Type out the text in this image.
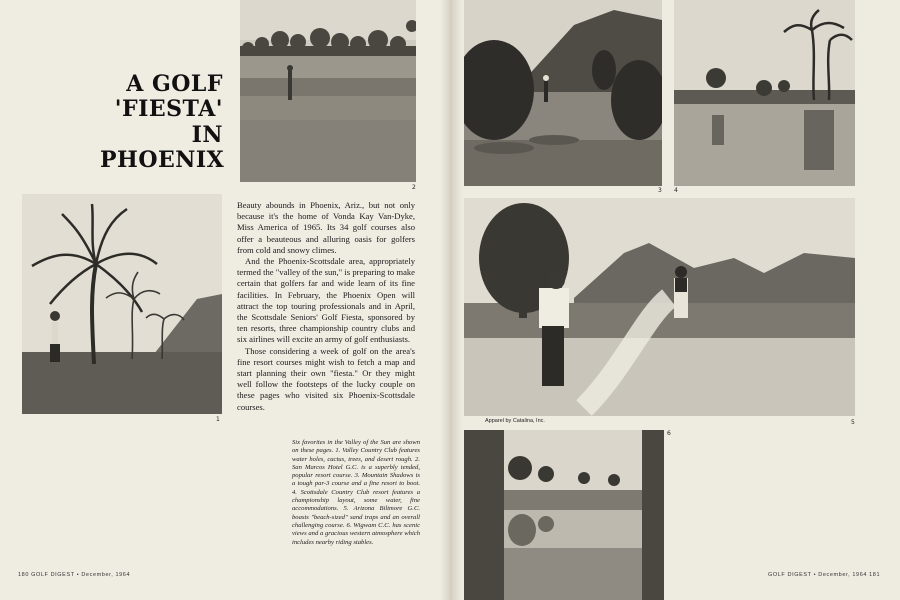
2
A GOLF
'FIESTA'
IN
PHOENIX
1

Beauty abounds in Phoenix, Ariz., but not only because it's the home of Vonda Kay Van-Dyke, Miss America of 1965. Its 34 golf courses also offer a beauteous and alluring oasis for golfers from cold and snowy climes.

And the Phoenix-Scottsdale area, appropriately termed the "valley of the sun," is preparing to make certain that golfers far and wide learn of its fine facilities. In February, the Phoenix Open will attract the top touring professionals and in April, the Scottsdale Seniors' Golf Fiesta, sponsored by ten resorts, three championship country clubs and six airlines will excite an army of golf enthusiasts.

Those considering a week of golf on the area's fine resort courses might wish to fetch a map and start planning their own "fiesta." Or they might well follow the footsteps of the lucky couple on these pages who visited six Phoenix-Scottsdale courses.

Six favorites in the Valley of the Sun are shown on these pages. 1. Valley Country Club features water holes, cactus, trees, and desert rough. 2. San Marcos Hotel G.C. is a superbly tended, popular resort course. 3. Mountain Shadows is a tough par-3 course and a fine resort to boot. 4. Scottsdale Country Club resort features a championship layout, some water, fine accommodations. 5. Arizona Biltmore G.C. boasts "beach-sized" sand traps and an overall challenging course. 6. Wigwam C.C. has scenic views and a gracious western atmosphere which includes nearby riding stables.
180 GOLF DIGEST • December, 1964
3 4
Apparel by Catalina, Inc.	5
6
GOLF DIGEST • December, 1964 181
